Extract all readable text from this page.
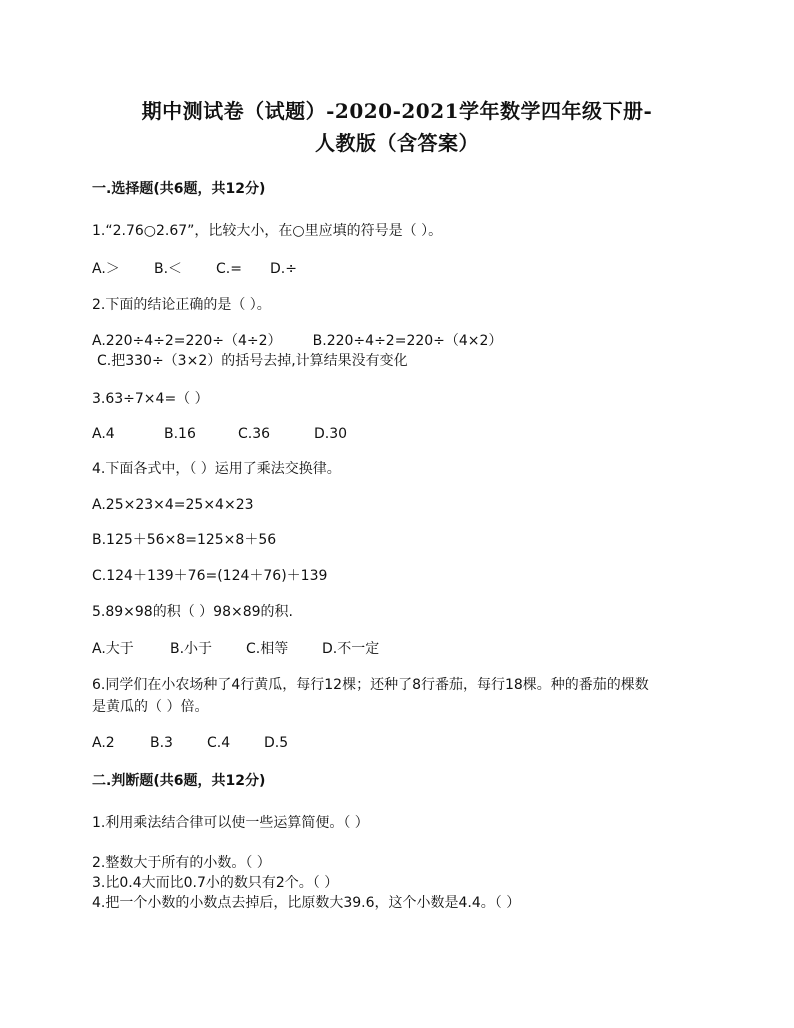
期中测试卷（试题）-2020-2021学年数学四年级下册-
人教版（含答案）
一.选择题(共6题，共12分)
1.“2.76○2.67”，比较大小，在○里应填的符号是（ ）。
A.＞ B.＜ C.= D.÷
2.下面的结论正确的是（ ）。
A.220÷4÷2=220÷（4÷2）       B.220÷4÷2=220÷（4×2）
C.把330÷（3×2）的括号去掉,计算结果没有变化
3.63÷7×4=（ ）
A.4	B.16	C.36	D.30
4.下面各式中，（ ）运用了乘法交换律。
A.25×23×4=25×4×23
B.125＋56×8=125×8＋56
C.124＋139＋76=(124＋76)＋139
5.89×98的积（ ）98×89的积.
A.大于	B.小于 C.相等 D.不一定
6.同学们在小农场种了4行黄瓜，每行12棵；还种了8行番茄，每行18棵。种的番茄的棵数
是黄瓜的（ ）倍。
A.2	B.3 C.4 D.5
二.判断题(共6题，共12分)
1.利用乘法结合律可以使一些运算简便。（ ）
2.整数大于所有的小数。（ ）
3.比0.4大而比0.7小的数只有2个。（ ）
4.把一个小数的小数点去掉后，比原数大39.6，这个小数是4.4。（ ）
